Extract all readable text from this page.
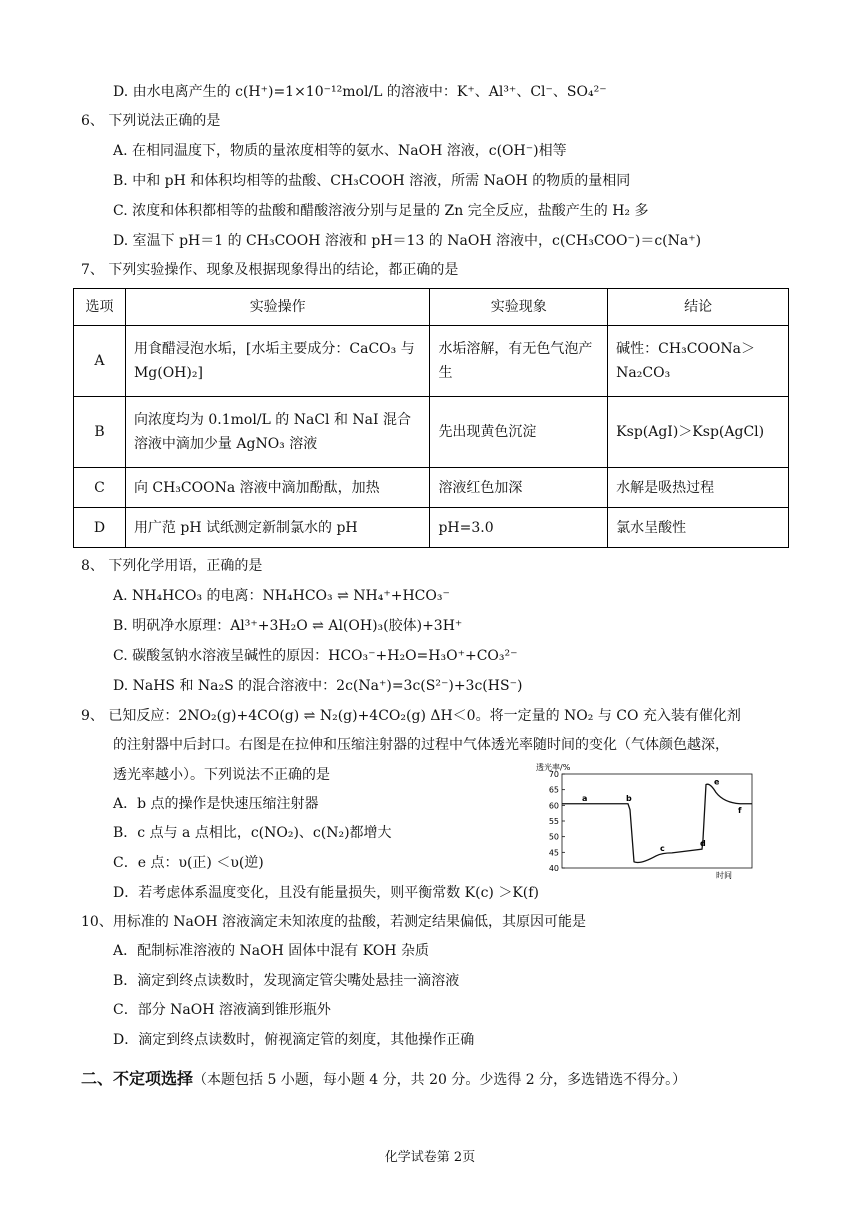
D. 由水电离产生的 c(H⁺)=1×10⁻¹²mol/L 的溶液中：K⁺、Al³⁺、Cl⁻、SO₄²⁻
6、 下列说法正确的是
A. 在相同温度下，物质的量浓度相等的氨水、NaOH 溶液，c(OH⁻)相等
B. 中和 pH 和体积均相等的盐酸、CH₃COOH 溶液，所需 NaOH 的物质的量相同
C. 浓度和体积都相等的盐酸和醋酸溶液分别与足量的 Zn 完全反应，盐酸产生的 H₂ 多
D. 室温下 pH＝1 的 CH₃COOH 溶液和 pH＝13 的 NaOH 溶液中，c(CH₃COO⁻)＝c(Na⁺)
7、 下列实验操作、现象及根据现象得出的结论，都正确的是
选项	实验操作	实验现象	结论
A	用食醋浸泡水垢，[水垢主要成分：CaCO₃ 与 Mg(OH)₂]	水垢溶解，有无色气泡产生	碱性：CH₃COONa＞Na₂CO₃
B	向浓度均为 0.1mol/L 的 NaCl 和 NaI 混合溶液中滴加少量 AgNO₃ 溶液	先出现黄色沉淀	Ksp(AgI)＞Ksp(AgCl)
C	向 CH₃COONa 溶液中滴加酚酞，加热	溶液红色加深	水解是吸热过程
D	用广范 pH 试纸测定新制氯水的 pH	pH=3.0	氯水呈酸性
8、 下列化学用语，正确的是
A. NH₄HCO₃ 的电离：NH₄HCO₃ ⇌ NH₄⁺+HCO₃⁻
B. 明矾净水原理：Al³⁺+3H₂O ⇌ Al(OH)₃(胶体)+3H⁺
C. 碳酸氢钠水溶液呈碱性的原因：HCO₃⁻+H₂O=H₃O⁺+CO₃²⁻
D. NaHS 和 Na₂S 的混合溶液中：2c(Na⁺)=3c(S²⁻)+3c(HS⁻)
9、 已知反应：2NO₂(g)+4CO(g) ⇌ N₂(g)+4CO₂(g) ΔH＜0。将一定量的 NO₂ 与 CO 充入装有催化剂
的注射器中后封口。右图是在拉伸和压缩注射器的过程中气体透光率随时间的变化（气体颜色越深，
透光率越小）。下列说法不正确的是
A．b 点的操作是快速压缩注射器
B．c 点与 a 点相比，c(NO₂)、c(N₂)都增大
C．e 点：υ(正) ＜υ(逆)
D．若考虑体系温度变化，且没有能量损失，则平衡常数 K(c) ＞K(f)
透光率/%
时间
40
45
50
55
60
65
70
a	b
c
d
e
f
10、用标准的 NaOH 溶液滴定未知浓度的盐酸，若测定结果偏低，其原因可能是
A．配制标准溶液的 NaOH 固体中混有 KOH 杂质
B．滴定到终点读数时，发现滴定管尖嘴处悬挂一滴溶液
C．部分 NaOH 溶液滴到锥形瓶外
D．滴定到终点读数时，俯视滴定管的刻度，其他操作正确
二、不定项选择（本题包括 5 小题，每小题 4 分，共 20 分。少选得 2 分，多选错选不得分。）
化学试卷第 2页
